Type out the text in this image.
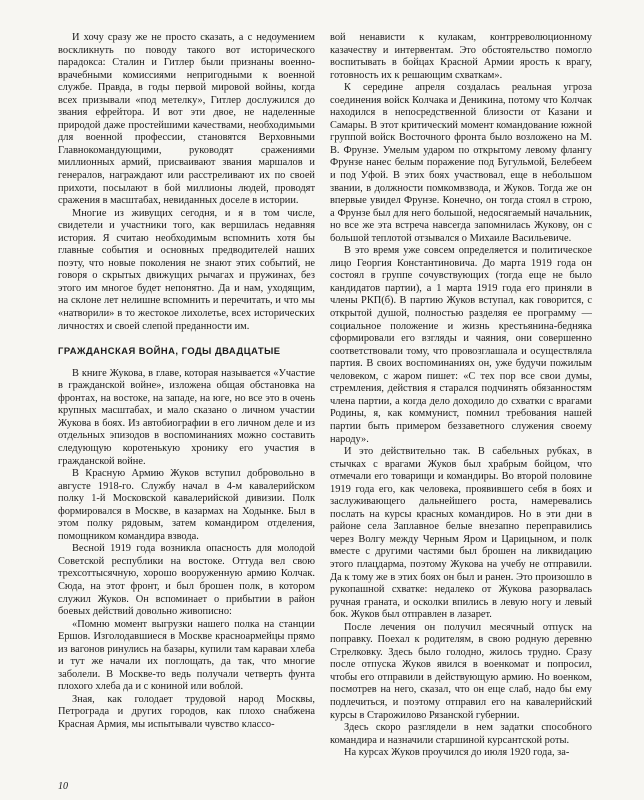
И хочу сразу же не просто сказать, а с недоумением воскликнуть по поводу такого вот исторического парадокса: Сталин и Гитлер были признаны военно-врачебными комиссиями непригодными к военной службе. Правда, в годы первой мировой войны, когда всех призывали «под метелку», Гитлер дослужился до звания ефрейтора. И вот эти двое, не наделенные природой даже простейшими качествами, необходимыми для военной профессии, становятся Верховными Главнокомандующими, руководят сражениями миллионных армий, присваивают звания маршалов и генералов, награждают или расстреливают их по своей прихоти, посылают в бой миллионы людей, проводят сражения в масштабах, невиданных доселе в истории.

Многие из живущих сегодня, и я в том числе, свидетели и участники того, как вершилась недавняя история. Я считаю необходимым вспомнить хотя бы главные события и основных предводителей наших поэту, что новые поколения не знают этих событий, не говоря о скрытых движущих рычагах и пружинах, без этого им многое будет непонятно. Да и нам, уходящим, на склоне лет нелишне вспомнить и перечитать, и что мы «натворили» в то жестокое лихолетье, всех исторических личностях и своей слепой преданности им.

ГРАЖДАНСКАЯ ВОЙНА, ГОДЫ ДВАДЦАТЫЕ

В книге Жукова, в главе, которая называется «Участие в гражданской войне», изложена общая обстановка на фронтах, на востоке, на западе, на юге, но все это в очень крупных масштабах, и мало сказано о личном участии Жукова в боях. Из автобиографии в его личном деле и из отдельных эпизодов в воспоминаниях можно составить следующую коротенькую хронику его участия в гражданской войне.

В Красную Армию Жуков вступил добровольно в августе 1918-го. Службу начал в 4-м кавалерийском полку 1-й Московской кавалерийской дивизии. Полк формировался в Москве, в казармах на Ходынке. Был в этом полку рядовым, затем командиром отделения, помощником командира взвода.

Весной 1919 года возникла опасность для молодой Советской республики на востоке. Оттуда вел свою трехсоттысячную, хорошо вооруженную армию Колчак. Сюда, на этот фронт, и был брошен полк, в котором служил Жуков. Он вспоминает о прибытии в район боевых действий довольно живописно:

«Помню момент выгрузки нашего полка на станции Ершов. Изголодавшиеся в Москве красноармейцы прямо из вагонов ринулись на базары, купили там караваи хлеба и тут же начали их поглощать, да так, что многие заболели. В Москве-то ведь получали четверть фунта плохого хлеба да и с кониной или воблой.

Зная, как голодает трудовой народ Москвы, Петрограда и других городов, как плохо снабжена Красная Армия, мы испытывали чувство классо-

вой ненависти к кулакам, контрреволюционному казачеству и интервентам. Это обстоятельство помогло воспитывать в бойцах Красной Армии ярость к врагу, готовность их к решающим схваткам».

К середине апреля создалась реальная угроза соединения войск Колчака и Деникина, потому что Колчак находился в непосредственной близости от Казани и Самары. В этот критический момент командование южной группой войск Восточного фронта было возложено на М. В. Фрунзе. Умелым ударом по открытому левому флангу Фрунзе нанес белым поражение под Бугульмой, Белебеем и под Уфой. В этих боях участвовал, еще в небольшом звании, в должности помкомвзвода, и Жуков. Тогда же он впервые увидел Фрунзе. Конечно, он тогда стоял в строю, а Фрунзе был для него большой, недосягаемый начальник, но все же эта встреча навсегда запомнилась Жукову, он с большой теплотой отзывался о Михаиле Васильевиче.

В это время уже совсем определяется и политическое лицо Георгия Константиновича. До марта 1919 года он состоял в группе сочувствующих (тогда еще не было кандидатов партии), а 1 марта 1919 года его приняли в члены РКП(б). В партию Жуков вступал, как говорится, с открытой душой, полностью разделяя ее программу — социальное положение и жизнь крестьянина-бедняка сформировали его взгляды и чаяния, они совершенно соответствовали тому, что провозглашала и осуществляла партия. В своих воспоминаниях он, уже будучи пожилым человеком, с жаром пишет: «С тех пор все свои думы, стремления, действия я старался подчинять обязанностям члена партии, а когда дело доходило до схватки с врагами Родины, я, как коммунист, помнил требования нашей партии быть примером беззаветного служения своему народу».

И это действительно так. В сабельных рубках, в стычках с врагами Жуков был храбрым бойцом, что отмечали его товарищи и командиры. Во второй половине 1919 года его, как человека, проявившего себя в боях и заслуживающего дальнейшего роста, намеревались послать на курсы красных командиров. Но в эти дни в районе села Заплавное белые внезапно переправились через Волгу между Черным Яром и Царицыном, и полк вместе с другими частями был брошен на ликвидацию этого плацдарма, поэтому Жукова на учебу не отправили. Да к тому же в этих боях он был и ранен. Это произошло в рукопашной схватке: недалеко от Жукова разорвалась ручная граната, и осколки впились в левую ногу и левый бок. Жуков был отправлен в лазарет.

После лечения он получил месячный отпуск на поправку. Поехал к родителям, в свою родную деревню Стрелковку. Здесь было голодно, жилось трудно. Сразу после отпуска Жуков явился в военкомат и попросил, чтобы его отправили в действующую армию. Но военком, посмотрев на него, сказал, что он еще слаб, надо бы ему подлечиться, и поэтому отправил его на кавалерийский курсы в Старожилово Рязанской губернии.

Здесь скоро разглядели в нем задатки способного командира и назначили старшиной курсантской роты.

На курсах Жуков проучился до июля 1920 года, за-

10
